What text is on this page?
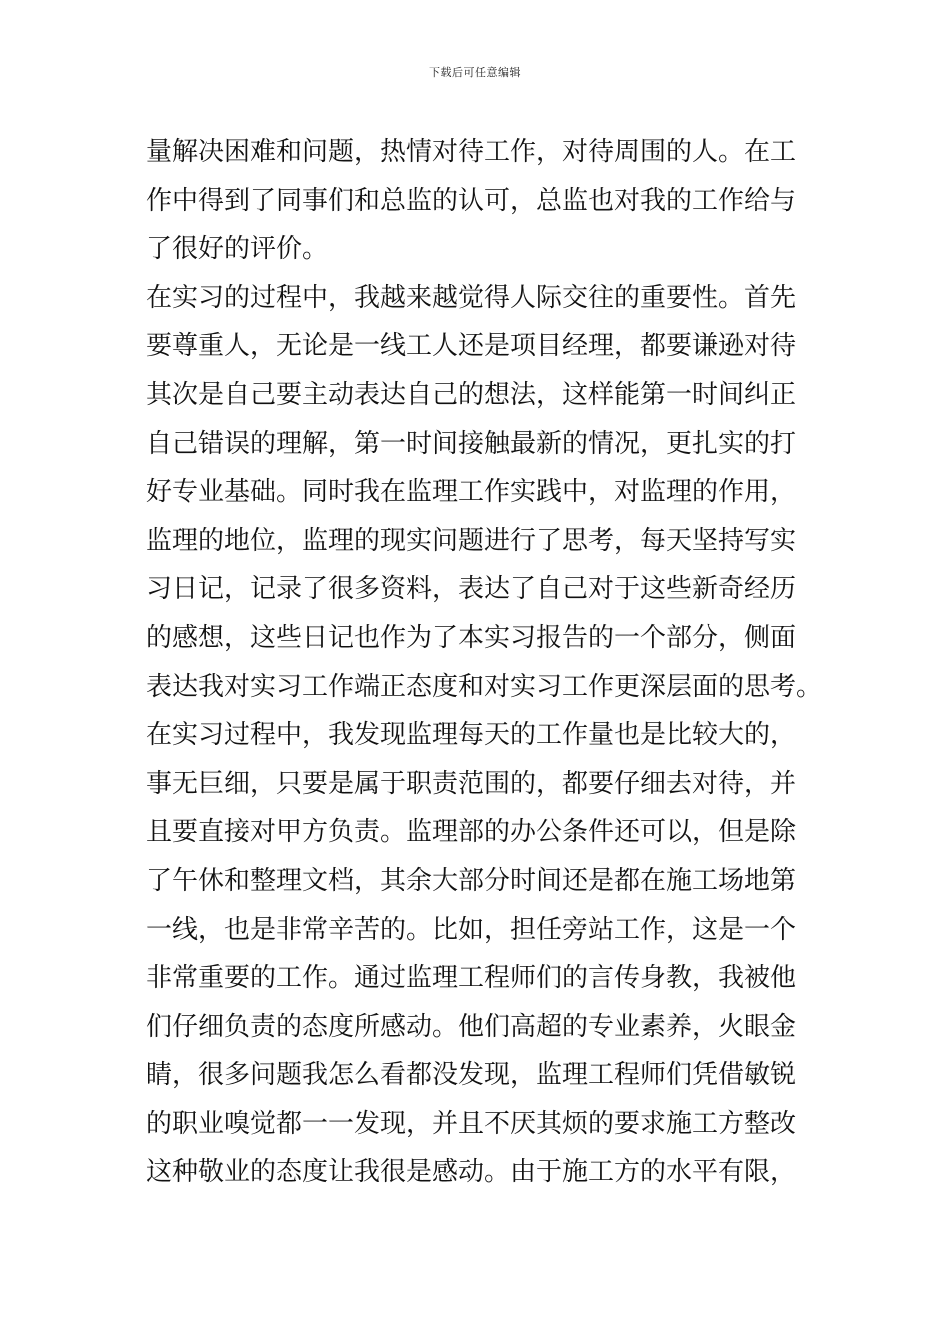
下载后可任意编辑
量解决困难和问题，热情对待工作，对待周围的人。在工
作中得到了同事们和总监的认可，总监也对我的工作给与
了很好的评价。
在实习的过程中，我越来越觉得人际交往的重要性。首先
要尊重人，无论是一线工人还是项目经理，都要谦逊对待
其次是自己要主动表达自己的想法，这样能第一时间纠正
自己错误的理解，第一时间接触最新的情况，更扎实的打
好专业基础。同时我在监理工作实践中，对监理的作用，
监理的地位，监理的现实问题进行了思考，每天坚持写实
习日记，记录了很多资料，表达了自己对于这些新奇经历
的感想，这些日记也作为了本实习报告的一个部分，侧面
表达我对实习工作端正态度和对实习工作更深层面的思考。
在实习过程中，我发现监理每天的工作量也是比较大的，
事无巨细，只要是属于职责范围的，都要仔细去对待，并
且要直接对甲方负责。监理部的办公条件还可以，但是除
了午休和整理文档，其余大部分时间还是都在施工场地第
一线，也是非常辛苦的。比如，担任旁站工作，这是一个
非常重要的工作。通过监理工程师们的言传身教，我被他
们仔细负责的态度所感动。他们高超的专业素养，火眼金
睛，很多问题我怎么看都没发现，监理工程师们凭借敏锐
的职业嗅觉都一一发现，并且不厌其烦的要求施工方整改
这种敬业的态度让我很是感动。由于施工方的水平有限，
